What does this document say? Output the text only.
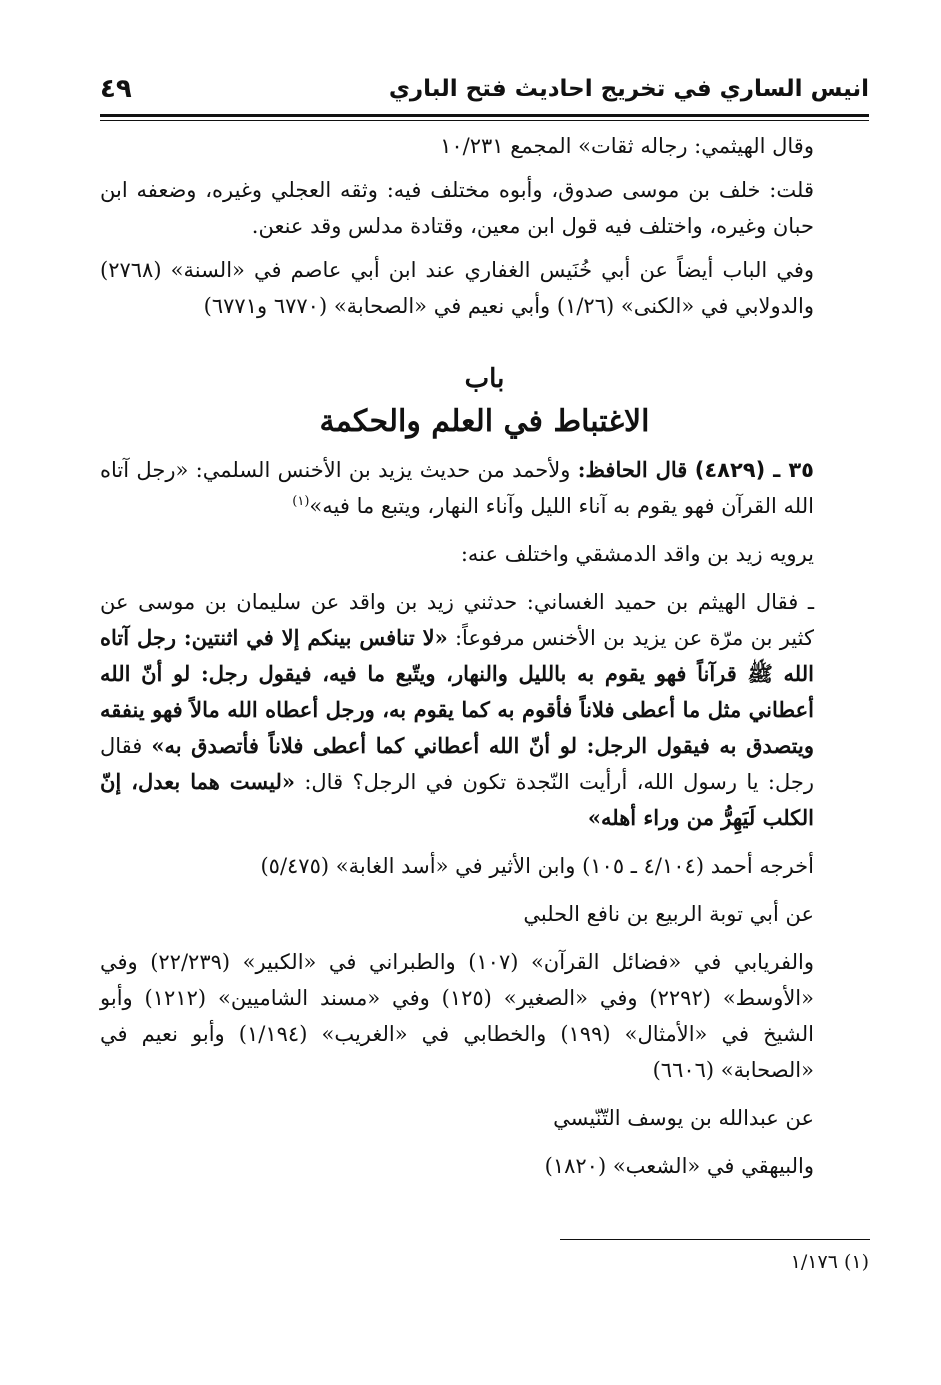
انيس الساري في تخريج احاديث فتح الباري
٤٩

وقال الهيثمي: رجاله ثقات» المجمع ١٠/٢٣١

قلت: خلف بن موسى صدوق، وأبوه مختلف فيه: وثقه العجلي وغيره، وضعفه ابن حبان وغيره، واختلف فيه قول ابن معين، وقتادة مدلس وقد عنعن.

وفي الباب أيضاً عن أبي خُنَيس الغفاري عند ابن أبي عاصم في «السنة» (٢٧٦٨) والدولابي في «الكنى» (١/٢٦) وأبي نعيم في «الصحابة» (٦٧٧٠ و٦٧٧١)

باب

الاغتباط في العلم والحكمة

٣٥ ـ (٤٨٢٩) قال الحافظ: ولأحمد من حديث يزيد بن الأخنس السلمي: «رجل آتاه الله القرآن فهو يقوم به آناء الليل وآناء النهار، ويتبع ما فيه»$^{(١)}$

يرويه زيد بن واقد الدمشقي واختلف عنه:

ـ فقال الهيثم بن حميد الغساني: حدثني زيد بن واقد عن سليمان بن موسى عن كثير بن مرّة عن يزيد بن الأخنس مرفوعاً: «لا تنافس بينكم إلا في اثنتين: رجل آتاه الله ﷺ قرآناً فهو يقوم به بالليل والنهار، ويتّبع ما فيه، فيقول رجل: لو أنّ الله أعطاني مثل ما أعطى فلاناً فأقوم به كما يقوم به، ورجل أعطاه الله مالاً فهو ينفقه ويتصدق به فيقول الرجل: لو أنّ الله أعطاني كما أعطى فلاناً فأتصدق به» فقال رجل: يا رسول الله، أرأيت النّجدة تكون في الرجل؟ قال: «ليست هما بعدل، إنّ الكلب لَيَهِرُّ من وراء أهله»

أخرجه أحمد (٤/١٠٤ ـ ١٠٥) وابن الأثير في «أسد الغابة» (٥/٤٧٥)

عن أبي توبة الربيع بن نافع الحلبي

والفريابي في «فضائل القرآن» (١٠٧) والطبراني في «الكبير» (٢٢/٢٣٩) وفي «الأوسط» (٢٢٩٢) وفي «الصغير» (١٢٥) وفي «مسند الشاميين» (١٢١٢) وأبو الشيخ في «الأمثال» (١٩٩) والخطابي في «الغريب» (١/١٩٤) وأبو نعيم في «الصحابة» (٦٦٠٦)

عن عبدالله بن يوسف التّنّيسي

والبيهقي في «الشعب» (١٨٢٠)

(١) ١/١٧٦
